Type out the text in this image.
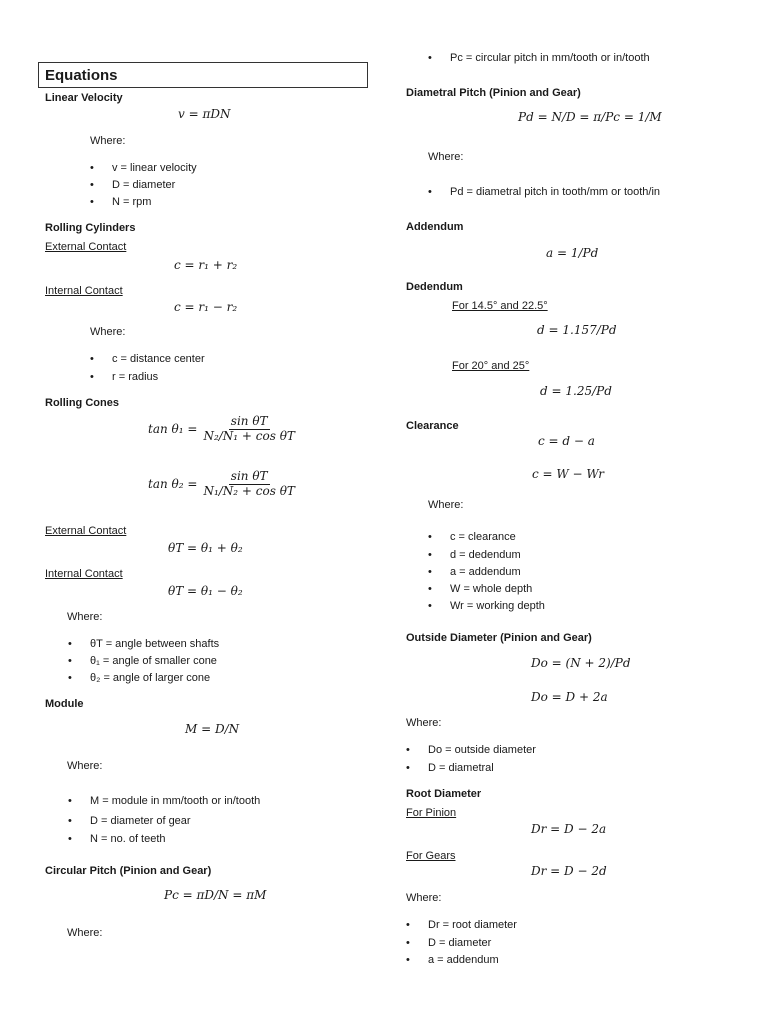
Equations
Linear Velocity
v = πDN
Where:
• v = linear velocity
• D = diameter
• N = rpm
Rolling Cylinders
External Contact
c = r₁ + r₂
Internal Contact
c = r₁ − r₂
Where:
• c = distance center
• r = radius
Rolling Cones
$\tan \theta_1 = \frac{\text{sin θT}}{\text{N₂/N₁ + cos θT}}$
$\tan \theta_2 = \frac{\text{sin θT}}{\text{N₁/N₂ + cos θT}}$
External Contact
θT = θ₁ + θ₂
Internal Contact
θT = θ₁ − θ₂
Where:
• θT = angle between shafts
• θ₁ = angle of smaller cone
• θ₂ = angle of larger cone
Module
M = D/N
Where:
• M = module in mm/tooth or in/tooth
• D = diameter of gear
• N = no. of teeth
Circular Pitch (Pinion and Gear)
Pc = πD/N = πM
Where:
• Pc = circular pitch in mm/tooth or in/tooth
Diametral Pitch (Pinion and Gear)
Pd = N/D = π/Pc = 1/M
Where:
• Pd = diametral pitch in tooth/mm or tooth/in
Addendum
a = 1/Pd
Dedendum
For 14.5° and 22.5°
d = 1.157/Pd
For 20° and 25°
d = 1.25/Pd
Clearance
c = d − a
c = W − Wr
Where:
• c = clearance
• d = dedendum
• a = addendum
• W = whole depth
• Wr = working depth
Outside Diameter (Pinion and Gear)
Do = (N + 2)/Pd
Do = D + 2a
Where:
• Do = outside diameter
• D = diametral
Root Diameter
For Pinion
Dr = D − 2a
For Gears
Dr = D − 2d
Where:
• Dr = root diameter
• D = diameter
• a = addendum
